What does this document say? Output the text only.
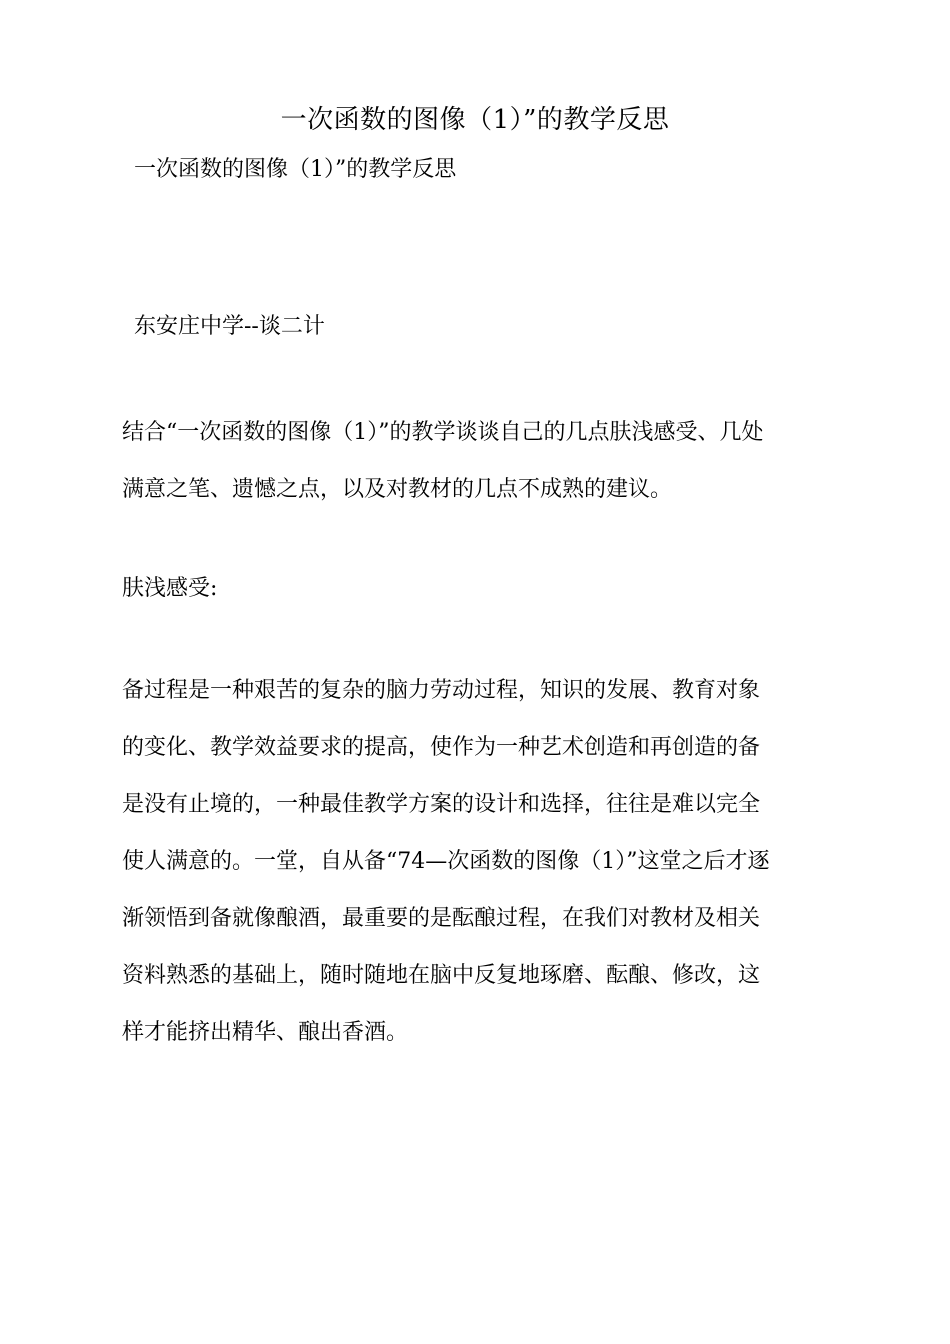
一次函数的图像（1）”的教学反思
一次函数的图像（1）”的教学反思
东安庄中学--谈二计

结合“一次函数的图像（1）”的教学谈谈自己的几点肤浅感受、几处
满意之笔、遗憾之点，以及对教材的几点不成熟的建议。

肤浅感受:

备过程是一种艰苦的复杂的脑力劳动过程，知识的发展、教育对象
的变化、教学效益要求的提高，使作为一种艺术创造和再创造的备
是没有止境的，一种最佳教学方案的设计和选择，往往是难以完全
使人满意的。一堂，自从备“74—次函数的图像（1）”这堂之后才逐
渐领悟到备就像酿酒，最重要的是酝酿过程，在我们对教材及相关
资料熟悉的基础上，随时随地在脑中反复地琢磨、酝酿、修改，这
样才能挤出精华、酿出香酒。
